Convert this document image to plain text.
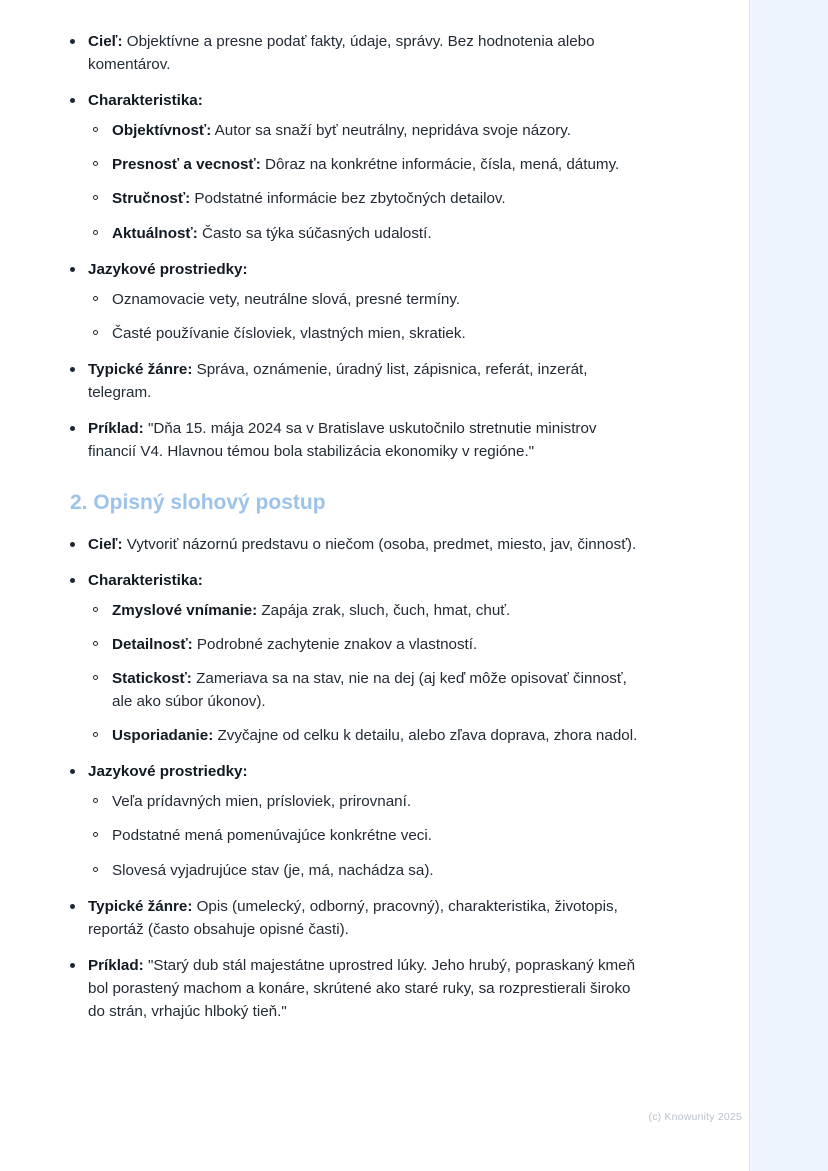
Cieľ: Objektívne a presne podať fakty, údaje, správy. Bez hodnotenia alebo komentárov.
Charakteristika:
Objektívnosť: Autor sa snaží byť neutrálny, nepridáva svoje názory.
Presnosť a vecnosť: Dôraz na konkrétne informácie, čísla, mená, dátumy.
Stručnosť: Podstatné informácie bez zbytočných detailov.
Aktuálnosť: Často sa týka súčasných udalostí.
Jazykové prostriedky:
Oznamovacie vety, neutrálne slová, presné termíny.
Časté používanie čísloviek, vlastných mien, skratiek.
Typické žánre: Správa, oznámenie, úradný list, zápisnica, referát, inzerát, telegram.
Príklad: "Dňa 15. mája 2024 sa v Bratislave uskutočnilo stretnutie ministrov financií V4. Hlavnou témou bola stabilizácia ekonomiky v regióne."
2. Opisný slohový postup
Cieľ: Vytvoriť názornú predstavu o niečom (osoba, predmet, miesto, jav, činnosť).
Charakteristika:
Zmyslové vnímanie: Zapája zrak, sluch, čuch, hmat, chuť.
Detailnosť: Podrobné zachytenie znakov a vlastností.
Statickosť: Zameriava sa na stav, nie na dej (aj keď môže opisovať činnosť, ale ako súbor úkonov).
Usporiadanie: Zvyčajne od celku k detailu, alebo zľava doprava, zhora nadol.
Jazykové prostriedky:
Veľa prídavných mien, prísloviek, prirovnaní.
Podstatné mená pomenúvajúce konkrétne veci.
Slovesá vyjadrujúce stav (je, má, nachádza sa).
Typické žánre: Opis (umelecký, odborný, pracovný), charakteristika, životopis, reportáž (často obsahuje opisné časti).
Príklad: "Starý dub stál majestátne uprostred lúky. Jeho hrubý, popraskaný kmeň bol porastený machom a konáre, skrútené ako staré ruky, sa rozprestierali široko do strán, vrhajúc hlboký tieň."
(c) Knowunity 2025
